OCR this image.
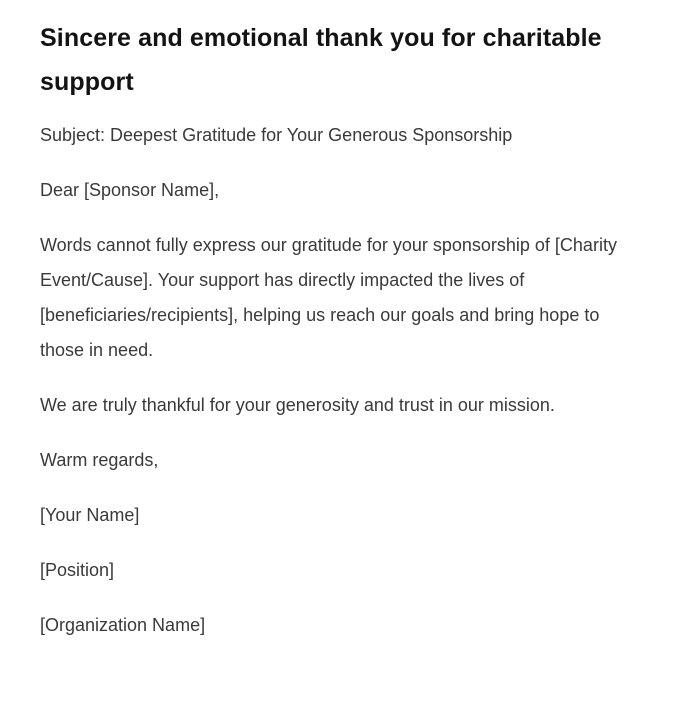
Sincere and emotional thank you for charitable support

Subject: Deepest Gratitude for Your Generous Sponsorship

Dear [Sponsor Name],

Words cannot fully express our gratitude for your sponsorship of [Charity Event/Cause]. Your support has directly impacted the lives of [beneficiaries/recipients], helping us reach our goals and bring hope to those in need.

We are truly thankful for your generosity and trust in our mission.

Warm regards,

[Your Name]

[Position]

[Organization Name]
